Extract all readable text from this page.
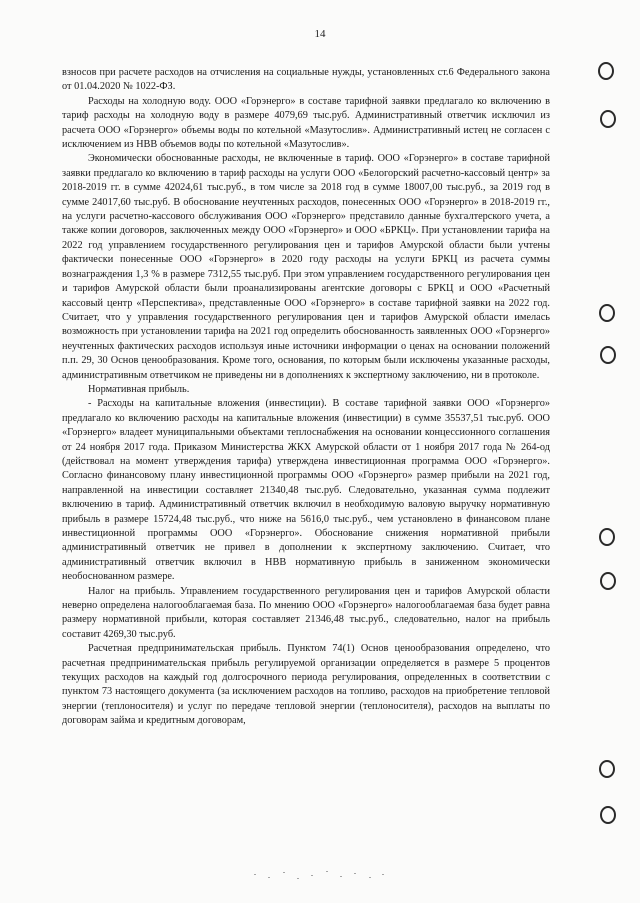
14

взносов при расчете расходов на отчисления на социальные нужды, установленных ст.6 Федерального закона от 01.04.2020 № 1022-ФЗ.

Расходы на холодную воду. ООО «Горэнерго» в составе тарифной заявки предлагало ко включению в тариф расходы на холодную воду в размере 4079,69 тыс.руб. Административный ответчик исключил из расчета ООО «Горэнерго» объемы воды по котельной «Мазутослив». Административный истец не согласен с исключением из НВВ объемов воды по котельной «Мазутослив».

Экономически обоснованные расходы, не включенные в тариф. ООО «Горэнерго» в составе тарифной заявки предлагало ко включению в тариф расходы на услуги ООО «Белогорский расчетно-кассовый центр» за 2018-2019 гг. в сумме 42024,61 тыс.руб., в том числе за 2018 год в сумме 18007,00 тыс.руб., за 2019 год в сумме 24017,60 тыс.руб. В обоснование неучтенных расходов, понесенных ООО «Горэнерго» в 2018-2019 гг., на услуги расчетно-кассового обслуживания ООО «Горэнерго» представило данные бухгалтерского учета, а также копии договоров, заключенных между ООО «Горэнерго» и ООО «БРКЦ». При установлении тарифа на 2022 год управлением государственного регулирования цен и тарифов Амурской области были учтены фактически понесенные ООО «Горэнерго» в 2020 году расходы на услуги БРКЦ из расчета суммы вознаграждения 1,3 % в размере 7312,55 тыс.руб. При этом управлением государственного регулирования цен и тарифов Амурской области были проанализированы агентские договоры с БРКЦ и ООО «Расчетный кассовый центр «Перспектива», представленные ООО «Горэнерго» в составе тарифной заявки на 2022 год. Считает, что у управления государственного регулирования цен и тарифов Амурской области имелась возможность при установлении тарифа на 2021 год определить обоснованность заявленных ООО «Горэнерго» неучтенных фактических расходов используя иные источники информации о ценах на основании положений п.п. 29, 30 Основ ценообразования. Кроме того, основания, по которым были исключены указанные расходы, административным ответчиком не приведены ни в дополнениях к экспертному заключению, ни в протоколе.

Нормативная прибыль.

- Расходы на капитальные вложения (инвестиции). В составе тарифной заявки ООО «Горэнерго» предлагало ко включению расходы на капитальные вложения (инвестиции) в сумме 35537,51 тыс.руб. ООО «Горэнерго» владеет муниципальными объектами теплоснабжения на основании концессионного соглашения от 24 ноября 2017 года. Приказом Министерства ЖКХ Амурской области от 1 ноября 2017 года № 264-од (действовал на момент утверждения тарифа) утверждена инвестиционная программа ООО «Горэнерго». Согласно финансовому плану инвестиционной программы ООО «Горэнерго» размер прибыли на 2021 год, направленной на инвестиции составляет 21340,48 тыс.руб. Следовательно, указанная сумма подлежит включению в тариф. Административный ответчик включил в необходимую валовую выручку нормативную прибыль в размере 15724,48 тыс.руб., что ниже на 5616,0 тыс.руб., чем установлено в финансовом плане инвестиционной программы ООО «Горэнерго». Обоснование снижения нормативной прибыли административный ответчик не привел в дополнении к экспертному заключению. Считает, что административный ответчик включил в НВВ нормативную прибыль в заниженном экономически необоснованном размере.

Налог на прибыль. Управлением государственного регулирования цен и тарифов Амурской области неверно определена налогооблагаемая база. По мнению ООО «Горэнерго» налогооблагаемая база будет равна размеру нормативной прибыли, которая составляет 21346,48 тыс.руб., следовательно, налог на прибыль составит 4269,30 тыс.руб.

Расчетная предпринимательская прибыль. Пунктом 74(1) Основ ценообразования определено, что расчетная предпринимательская прибыль регулируемой организации определяется в размере 5 процентов текущих расходов на каждый год долгосрочного периода регулирования, определенных в соответствии с пунктом 73 настоящего документа (за исключением расходов на топливо, расходов на приобретение тепловой энергии (теплоносителя) и услуг по передаче тепловой энергии (теплоносителя), расходов на выплаты по договорам займа и кредитным договорам,
